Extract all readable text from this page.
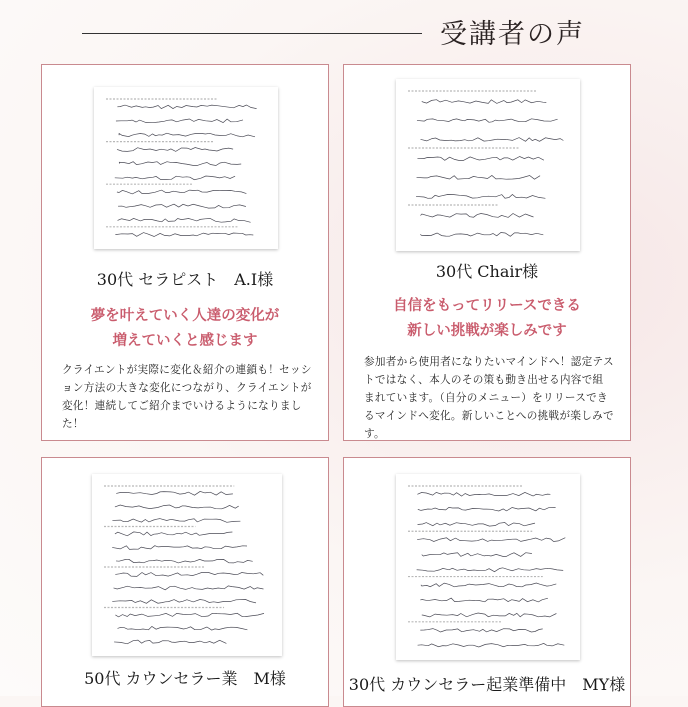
受講者の声
30代 セラピスト　A.I様
夢を叶えていく人達の変化が
増えていくと感じます
クライエントが実際に変化＆紹介の連鎖も！セッション方法の大きな変化につながり、クライエントが変化！連続してご紹介までいけるようになりました！
30代 Chair様
自信をもってリリースできる
新しい挑戦が楽しみです
参加者から使用者になりたいマインドへ！認定テストではなく、本人のその策も動き出せる内容で組まれています。（自分のメニュー）をリリースできるマインドへ変化。新しいことへの挑戦が楽しみです。
50代 カウンセラー業　M様	30代 カウンセラー起業準備中　MY様
